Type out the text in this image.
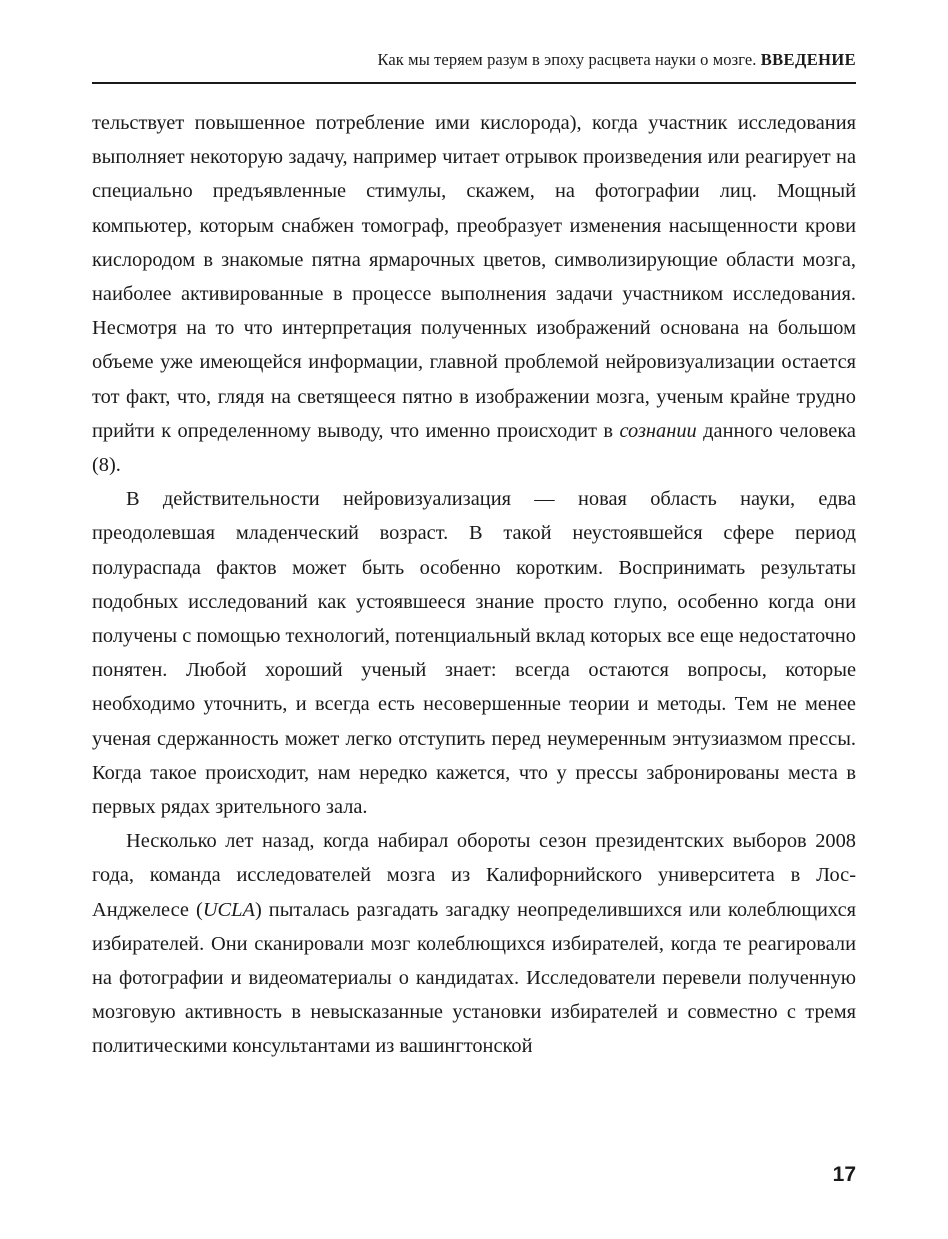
Как мы теряем разум в эпоху расцвета науки о мозге. ВВЕДЕНИЕ

тельствует повышенное потребление ими кислорода), когда участник исследования выполняет некоторую задачу, например читает отрывок произведения или реагирует на специально предъявленные стимулы, скажем, на фотографии лиц. Мощный компьютер, которым снабжен томограф, преобразует изменения насыщенности крови кислородом в знакомые пятна ярмарочных цветов, символизирующие области мозга, наиболее активированные в процессе выполнения задачи участником исследования. Несмотря на то что интерпретация полученных изображений основана на большом объеме уже имеющейся информации, главной проблемой нейровизуализации остается тот факт, что, глядя на светящееся пятно в изображении мозга, ученым крайне трудно прийти к определенному выводу, что именно происходит в сознании данного человека (8).

В действительности нейровизуализация — новая область науки, едва преодолевшая младенческий возраст. В такой неустоявшейся сфере период полураспада фактов может быть особенно коротким. Воспринимать результаты подобных исследований как устоявшееся знание просто глупо, особенно когда они получены с помощью технологий, потенциальный вклад которых все еще недостаточно понятен. Любой хороший ученый знает: всегда остаются вопросы, которые необходимо уточнить, и всегда есть несовершенные теории и методы. Тем не менее ученая сдержанность может легко отступить перед неумеренным энтузиазмом прессы. Когда такое происходит, нам нередко кажется, что у прессы забронированы места в первых рядах зрительного зала.

Несколько лет назад, когда набирал обороты сезон президентских выборов 2008 года, команда исследователей мозга из Калифорнийского университета в Лос-Анджелесе (UCLA) пыталась разгадать загадку неопределившихся или колеблющихся избирателей. Они сканировали мозг колеблющихся избирателей, когда те реагировали на фотографии и видеоматериалы о кандидатах. Исследователи перевели полученную мозговую активность в невысказанные установки избирателей и совместно с тремя политическими консультантами из вашингтонской

17
